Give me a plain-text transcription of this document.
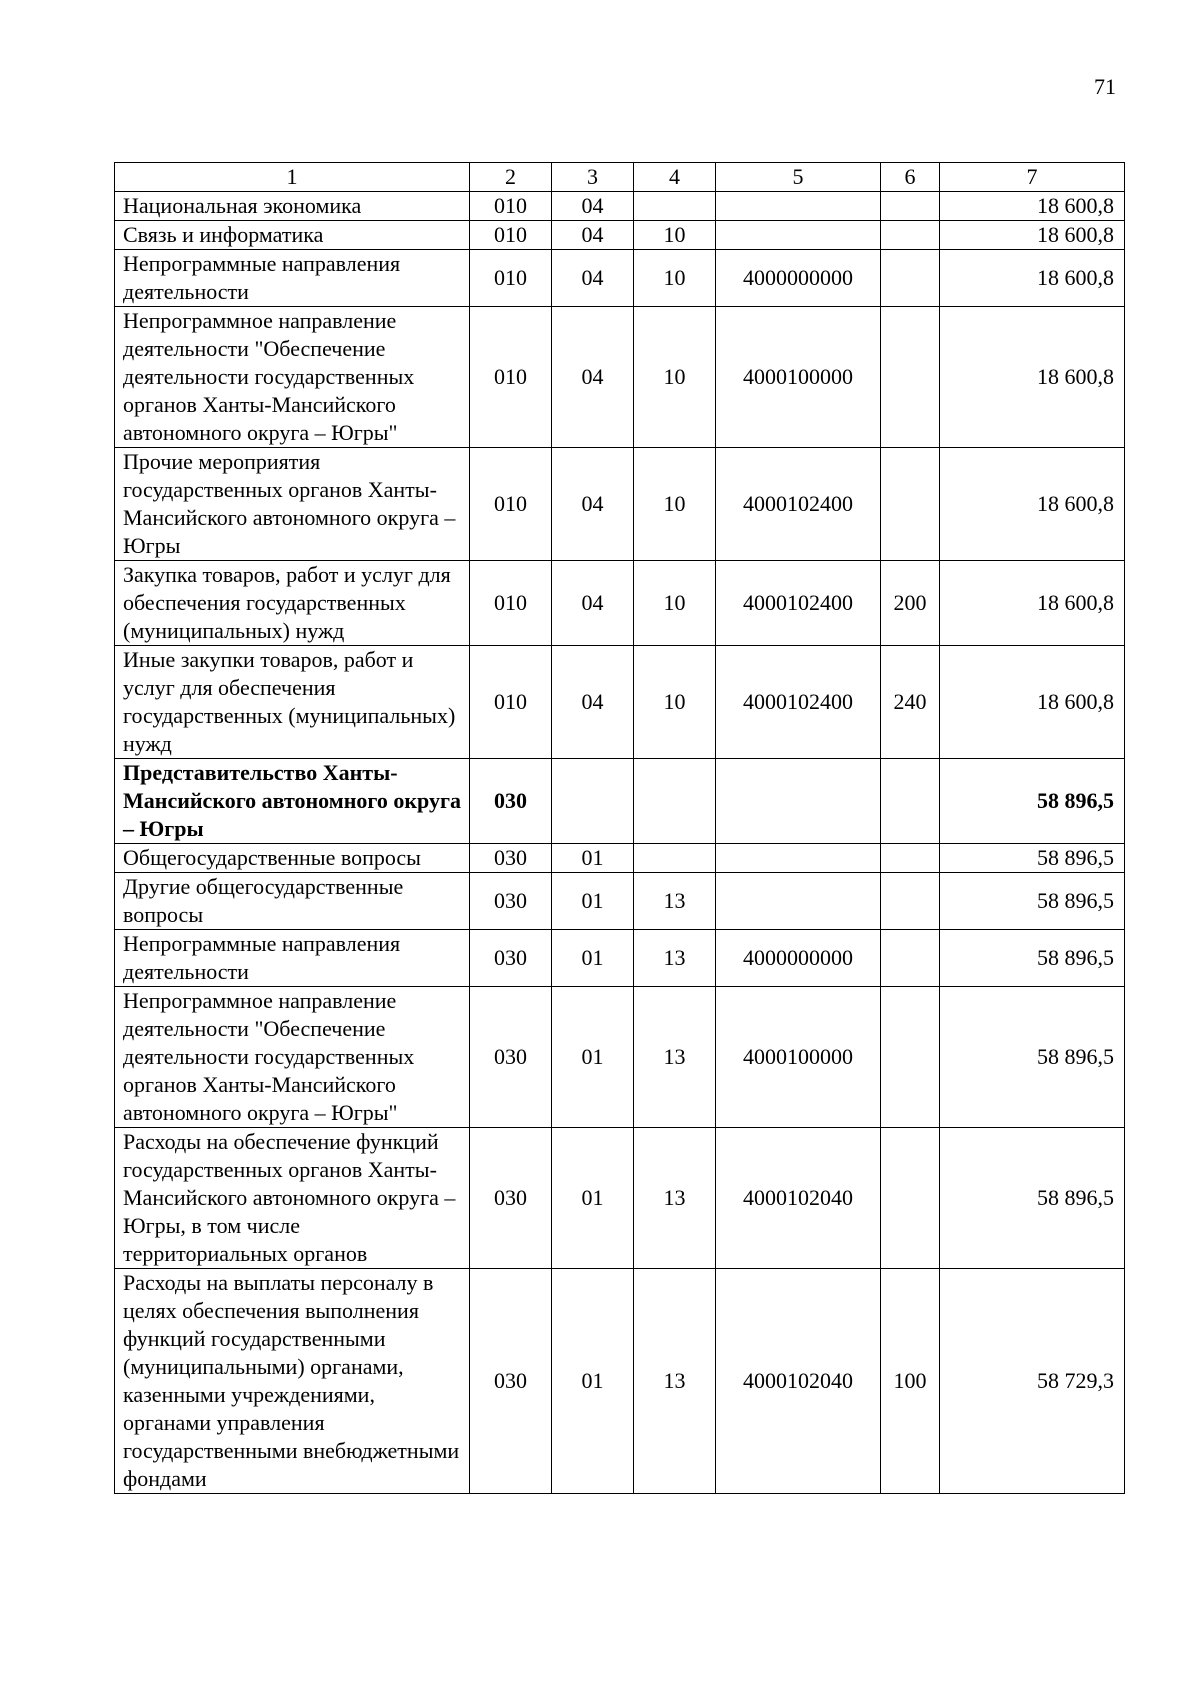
71
1	2	3	4	5	6	7
Национальная экономика	010	04				18 600,8
Связь и информатика	010	04	10			18 600,8
Непрограммные направления деятельности	010	04	10	4000000000		18 600,8
Непрограммное направление деятельности "Обеспечение деятельности государственных органов Ханты-Мансийского автономного округа – Югры"	010	04	10	4000100000		18 600,8
Прочие мероприятия государственных органов Ханты-Мансийского автономного округа – Югры	010	04	10	4000102400		18 600,8
Закупка товаров, работ и услуг для обеспечения государственных (муниципальных) нужд	010	04	10	4000102400	200	18 600,8
Иные закупки товаров, работ и услуг для обеспечения государственных (муниципальных) нужд	010	04	10	4000102400	240	18 600,8
Представительство Ханты-Мансийского автономного округа – Югры	030					58 896,5
Общегосударственные вопросы	030	01				58 896,5
Другие общегосударственные вопросы	030	01	13			58 896,5
Непрограммные направления деятельности	030	01	13	4000000000		58 896,5
Непрограммное направление деятельности "Обеспечение деятельности государственных органов Ханты-Мансийского автономного округа – Югры"	030	01	13	4000100000		58 896,5
Расходы на обеспечение функций государственных органов Ханты-Мансийского автономного округа – Югры, в том числе территориальных органов	030	01	13	4000102040		58 896,5
Расходы на выплаты персоналу в целях обеспечения выполнения функций государственными (муниципальными) органами, казенными учреждениями, органами управления государственными внебюджетными фондами	030	01	13	4000102040	100	58 729,3
